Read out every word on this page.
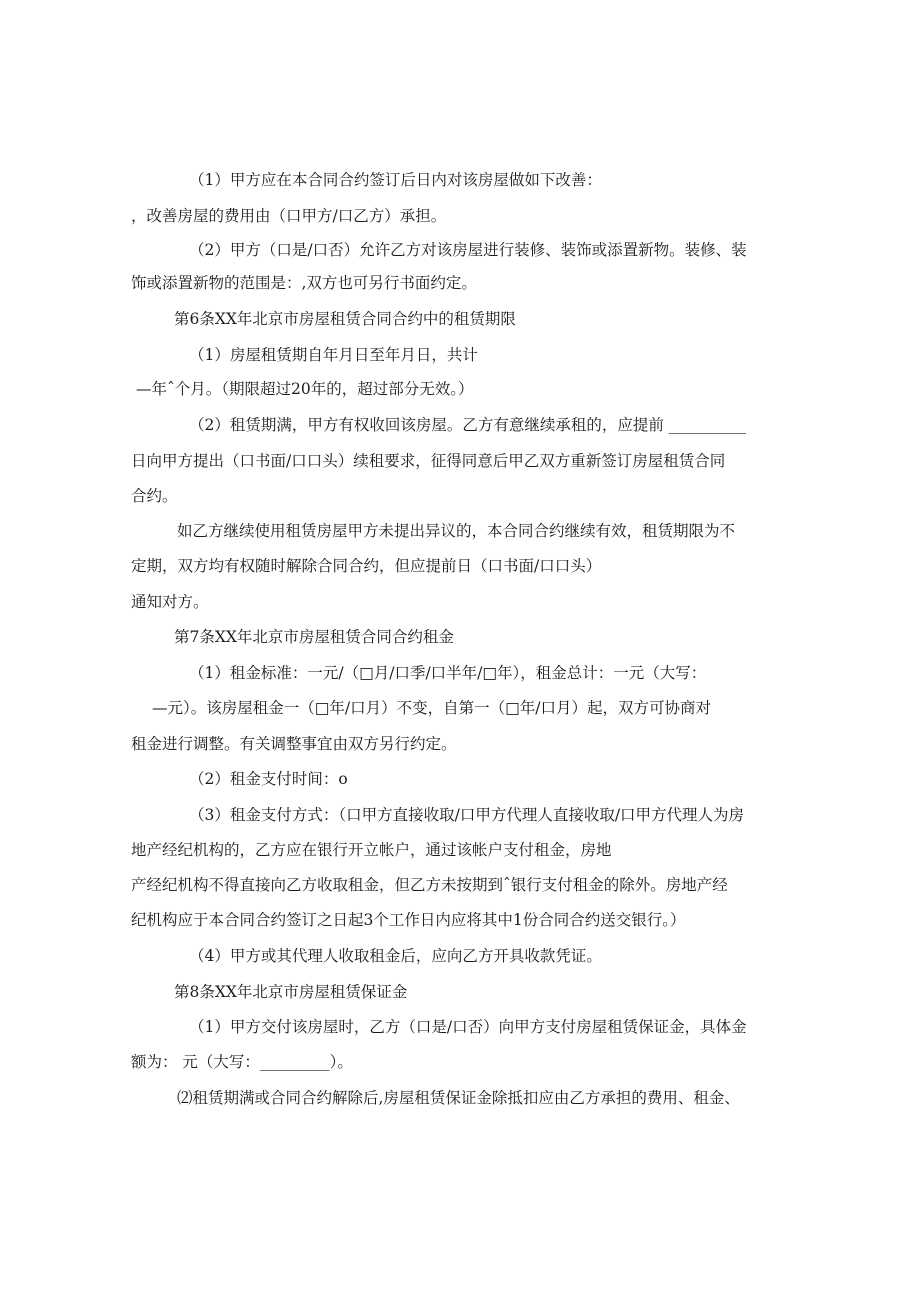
（1）甲方应在本合同合约签订后日内对该房屋做如下改善：
，改善房屋的费用由（口甲方/口乙方）承担。
（2）甲方（口是/口否）允许乙方对该房屋进行装修、装饰或添置新物。装修、装
饰或添置新物的范围是：,双方也可另行书面约定。
第6条XX年北京市房屋租赁合同合约中的租赁期限
（1）房屋租赁期自年月日至年月日，共计
—年ˆ个月。（期限超过20年的，超过部分无效。）
（2）租赁期满，甲方有权收回该房屋。乙方有意继续承租的，应提前 __________
日向甲方提出（口书面/口口头）续租要求，征得同意后甲乙双方重新签订房屋租赁合同
合约。
如乙方继续使用租赁房屋甲方未提出异议的，本合同合约继续有效，租赁期限为不
定期，双方均有权随时解除合同合约，但应提前日（口书面/口口头）
通知对方。
第7条XX年北京市房屋租赁合同合约租金
（1）租金标准：一元/（□月/口季/口半年/□年），租金总计：一元（大写：
—元）。该房屋租金一（□年/口月）不变，自第一（□年/口月）起，双方可协商对
租金进行调整。有关调整事宜由双方另行约定。
（2）租金支付时间：o
（3）租金支付方式：（口甲方直接收取/口甲方代理人直接收取/口甲方代理人为房
地产经纪机构的，乙方应在银行开立帐户，通过该帐户支付租金，房地
产经纪机构不得直接向乙方收取租金，但乙方未按期到ˆ银行支付租金的除外。房地产经
纪机构应于本合同合约签订之日起3个工作日内应将其中1份合同合约送交银行。）
（4）甲方或其代理人收取租金后，应向乙方开具收款凭证。
第8条XX年北京市房屋租赁保证金
（1）甲方交付该房屋时，乙方（口是/口否）向甲方支付房屋租赁保证金，具体金
额为： 元（大写：_________）。
⑵租赁期满或合同合约解除后,房屋租赁保证金除抵扣应由乙方承担的费用、租金、
